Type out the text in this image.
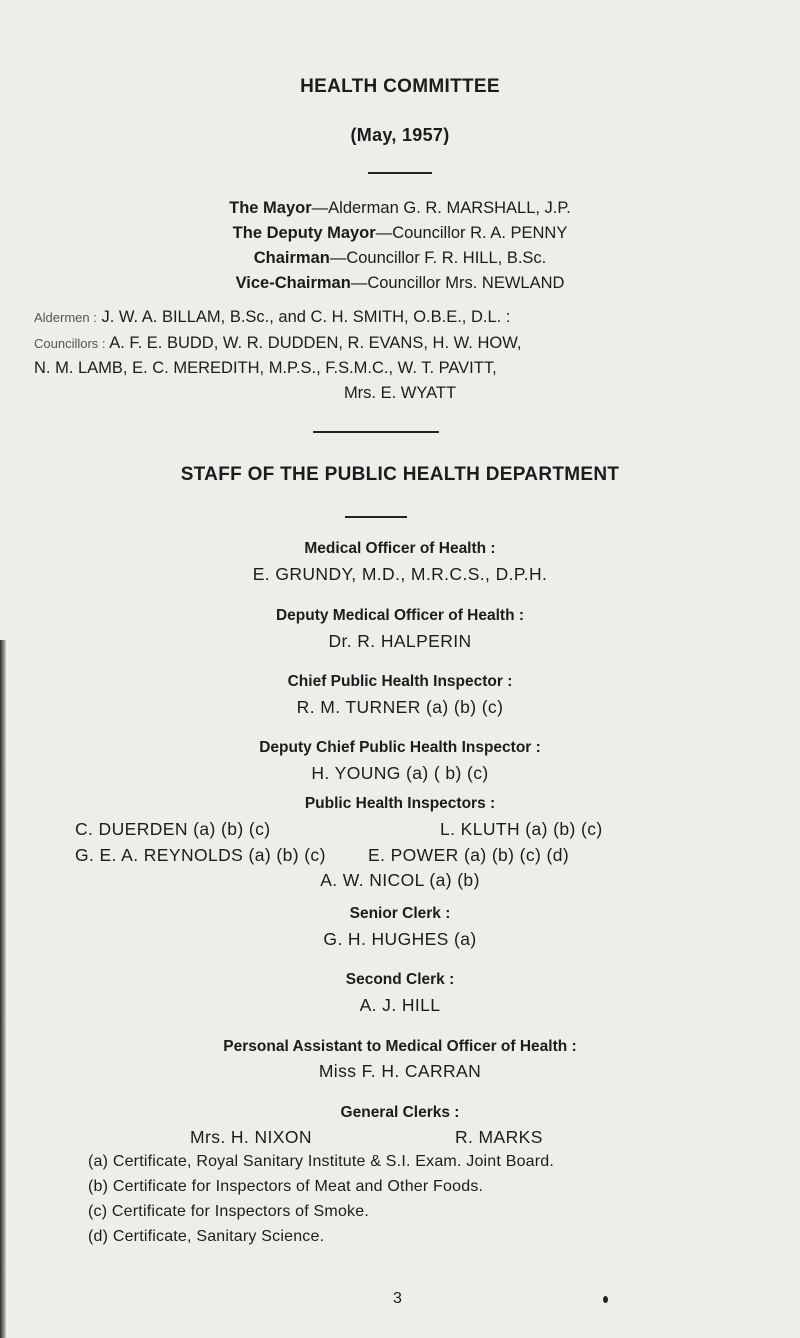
HEALTH COMMITTEE
(May, 1957)
The Mayor—Alderman G. R. MARSHALL, J.P.
The Deputy Mayor—Councillor R. A. PENNY
Chairman—Councillor F. R. HILL, B.Sc.
Vice-Chairman—Councillor Mrs. NEWLAND
Aldermen : J. W. A. BILLAM, B.Sc., and C. H. SMITH, O.B.E., D.L. :
Councillors : A. F. E. BUDD, W. R. DUDDEN, R. EVANS, H. W. HOW,
N. M. LAMB, E. C. MEREDITH, M.P.S., F.S.M.C., W. T. PAVITT,
Mrs. E. WYATT
STAFF OF THE PUBLIC HEALTH DEPARTMENT
Medical Officer of Health :
E. GRUNDY, M.D., M.R.C.S., D.P.H.
Deputy Medical Officer of Health :
Dr. R. HALPERIN
Chief Public Health Inspector :
R. M. TURNER (a) (b) (c)
Deputy Chief Public Health Inspector :
H. YOUNG (a) ( b) (c)
Public Health Inspectors :
C. DUERDEN (a) (b) (c)	L. KLUTH (a) (b) (c)
G. E. A. REYNOLDS (a) (b) (c) E. POWER (a) (b) (c) (d)
A. W. NICOL (a) (b)
Senior Clerk :
G. H. HUGHES (a)
Second Clerk :
A. J. HILL
Personal Assistant to Medical Officer of Health :
Miss F. H. CARRAN
General Clerks :
Mrs. H. NIXON	R. MARKS
(a) Certificate, Royal Sanitary Institute & S.I. Exam. Joint Board.
(b) Certificate for Inspectors of Meat and Other Foods.
(c) Certificate for Inspectors of Smoke.
(d) Certificate, Sanitary Science.
3
